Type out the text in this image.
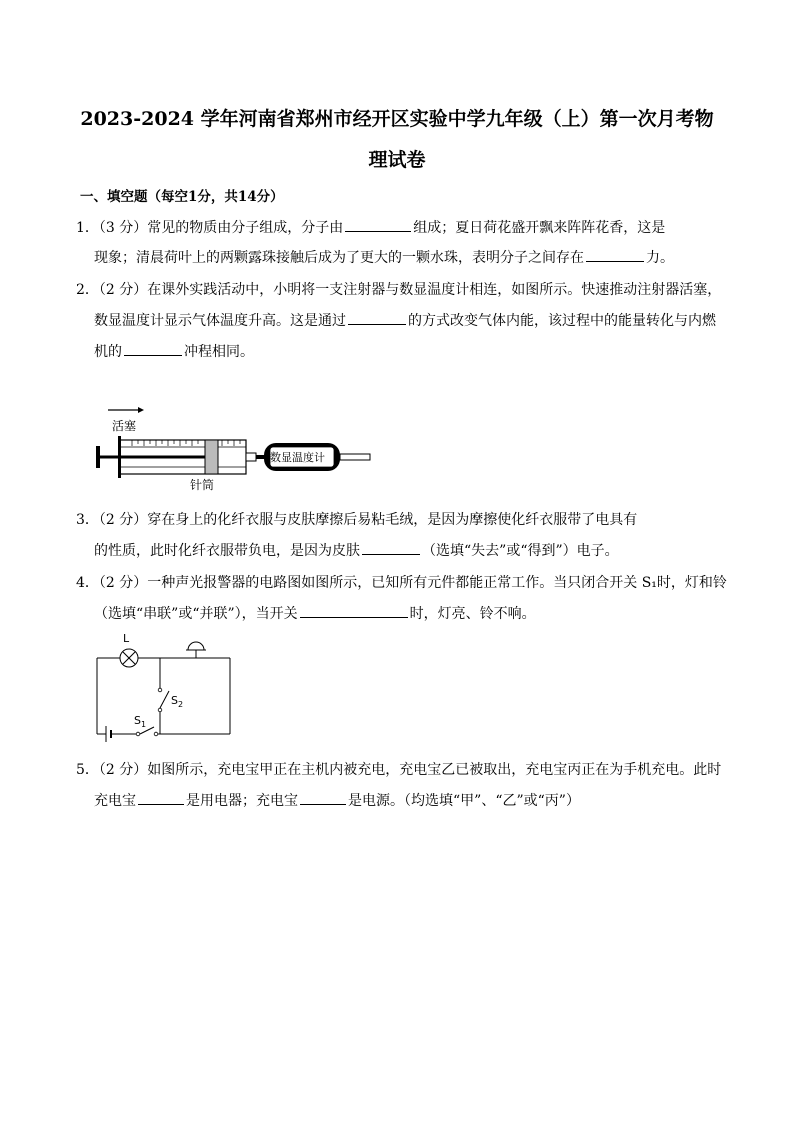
2023-2024 学年河南省郑州市经开区实验中学九年级（上）第一次月考物
理试卷
一、填空题（每空1分，共14分）
1．（3 分）常见的物质由分子组成，分子由	组成；夏日荷花盛开飘来阵阵花香，这是
现象；清晨荷叶上的两颗露珠接触后成为了更大的一颗水珠，表明分子之间存在	力。
2．（2 分）在课外实践活动中，小明将一支注射器与数显温度计相连，如图所示。快速推动注射器活塞，
数显温度计显示气体温度升高。这是通过	的方式改变气体内能，该过程中的能量转化与内燃
机的	冲程相同。
活塞
数显温度计
针筒
3．（2 分）穿在身上的化纤衣服与皮肤摩擦后易粘毛绒，是因为摩擦使化纤衣服带了电具有
的性质，此时化纤衣服带负电，是因为皮肤	（选填“失去”或“得到”）电子。
4．（2 分）一种声光报警器的电路图如图所示，已知所有元件都能正常工作。当只闭合开关 S₁时，灯和铃
（选填“串联”或“并联”），当开关	时，灯亮、铃不响。
L
$S_2$
$S_1$
5．（2 分）如图所示，充电宝甲正在主机内被充电，充电宝乙已被取出，充电宝丙正在为手机充电。此时
充电宝	是用电器；充电宝	是电源。（均选填“甲”、“乙”或“丙”）
